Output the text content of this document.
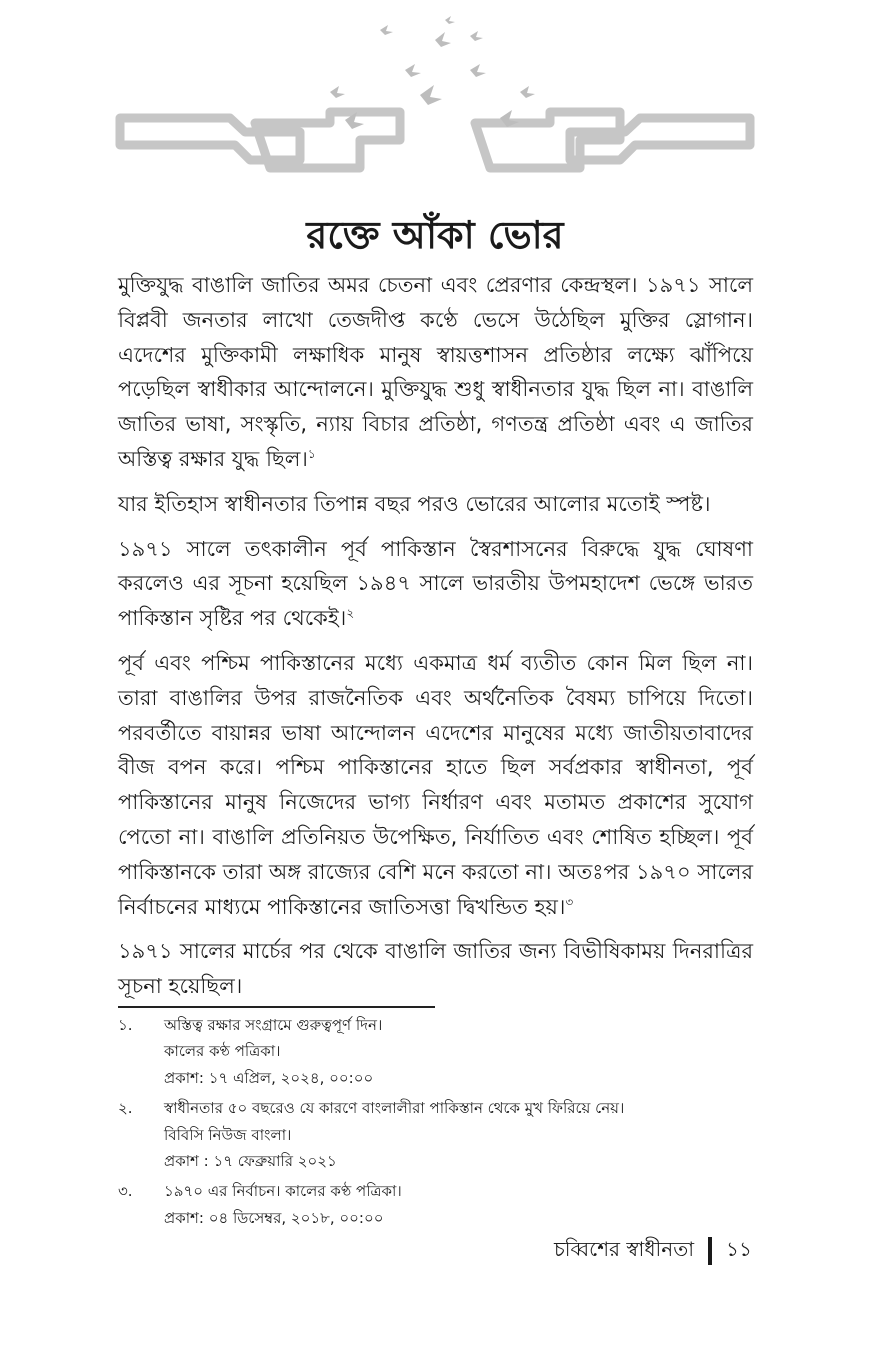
রক্তে আঁকা ভোর

মুক্তিযুদ্ধ বাঙালি জাতির অমর চেতনা এবং প্রেরণার কেন্দ্রস্থল। ১৯৭১ সালে বিপ্লবী জনতার লাখো তেজদীপ্ত কণ্ঠে ভেসে উঠেছিল মুক্তির স্লোগান। এদেশের মুক্তিকামী লক্ষাধিক মানুষ স্বায়ত্তশাসন প্রতিষ্ঠার লক্ষ্যে ঝাঁপিয়ে পড়েছিল স্বাধীকার আন্দোলনে। মুক্তিযুদ্ধ শুধু স্বাধীনতার যুদ্ধ ছিল না। বাঙালি জাতির ভাষা, সংস্কৃতি, ন্যায় বিচার প্রতিষ্ঠা, গণতন্ত্র প্রতিষ্ঠা এবং এ জাতির অস্তিত্ব রক্ষার যুদ্ধ ছিল।$^১$

যার ইতিহাস স্বাধীনতার তিপান্ন বছর পরও ভোরের আলোর মতোই স্পষ্ট।

১৯৭১ সালে তৎকালীন পূর্ব পাকিস্তান স্বৈরশাসনের বিরুদ্ধে যুদ্ধ ঘোষণা করলেও এর সূচনা হয়েছিল ১৯৪৭ সালে ভারতীয় উপমহাদেশ ভেঙ্গে ভারত পাকিস্তান সৃষ্টির পর থেকেই।$^২$

পূর্ব এবং পশ্চিম পাকিস্তানের মধ্যে একমাত্র ধর্ম ব্যতীত কোন মিল ছিল না। তারা বাঙালির উপর রাজনৈতিক এবং অর্থনৈতিক বৈষম্য চাপিয়ে দিতো। পরবর্তীতে বায়ান্নর ভাষা আন্দোলন এদেশের মানুষের মধ্যে জাতীয়তাবাদের বীজ বপন করে। পশ্চিম পাকিস্তানের হাতে ছিল সর্বপ্রকার স্বাধীনতা, পূর্ব পাকিস্তানের মানুষ নিজেদের ভাগ্য নির্ধারণ এবং মতামত প্রকাশের সুযোগ পেতো না। বাঙালি প্রতিনিয়ত উপেক্ষিত, নির্যাতিত এবং শোষিত হচ্ছিল। পূর্ব পাকিস্তানকে তারা অঙ্গ রাজ্যের বেশি মনে করতো না। অতঃপর ১৯৭০ সালের নির্বাচনের মাধ্যমে পাকিস্তানের জাতিসত্তা দ্বিখন্ডিত হয়।$^৩$

১৯৭১ সালের মার্চের পর থেকে বাঙালি জাতির জন্য বিভীষিকাময় দিনরাত্রির সূচনা হয়েছিল।

১.	অস্তিত্ব রক্ষার সংগ্রামে গুরুত্বপূর্ণ দিন।
কালের কণ্ঠ পত্রিকা।
প্রকাশ: ১৭ এপ্রিল, ২০২৪, ০০:০০
২.	স্বাধীনতার ৫০ বছরেও যে কারণে বাংলালীরা পাকিস্তান থেকে মুখ ফিরিয়ে নেয়।
বিবিসি নিউজ বাংলা।
প্রকাশ : ১৭ ফেব্রুয়ারি ২০২১
৩.	১৯৭০ এর নির্বাচন। কালের কণ্ঠ পত্রিকা।
প্রকাশ: ০৪ ডিসেম্বর, ২০১৮, ০০:০০
চব্বিশের স্বাধীনতা ১১
